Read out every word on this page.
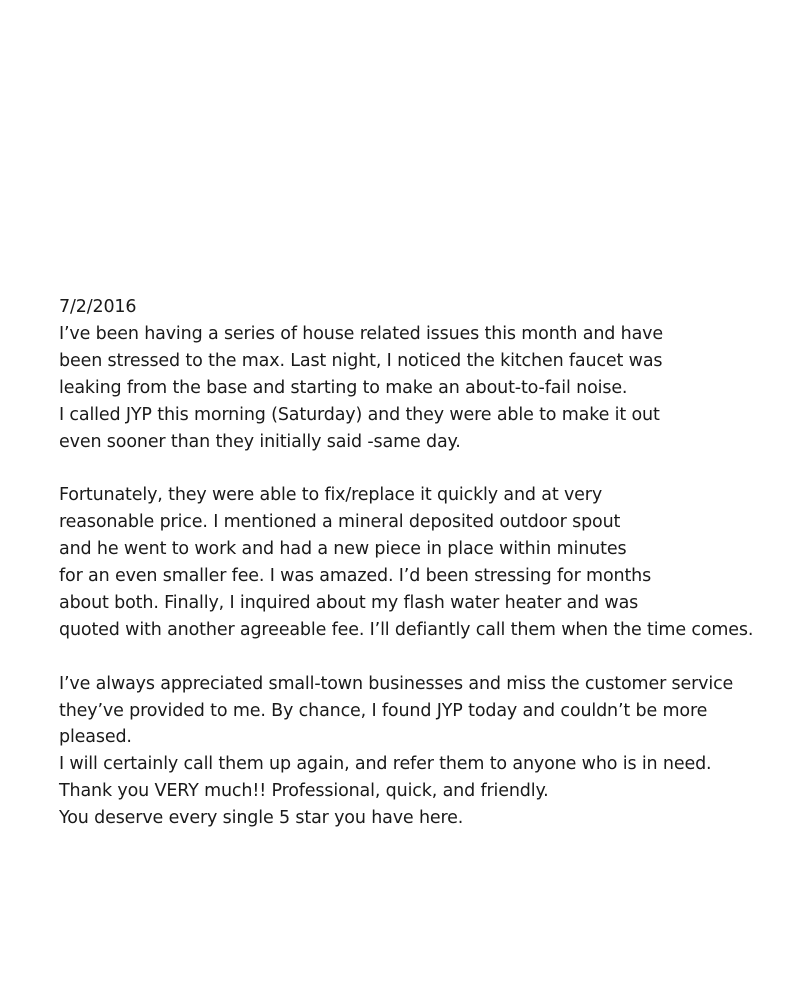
7/2/2016
I’ve been having a series of house related issues this month and have
been stressed to the max. Last night, I noticed the kitchen faucet was
leaking from the base and starting to make an about-to-fail noise.
I called JYP this morning (Saturday) and they were able to make it out
even sooner than they initially said -same day.
Fortunately, they were able to fix/replace it quickly and at very
reasonable price. I mentioned a mineral deposited outdoor spout
and he went to work and had a new piece in place within minutes
for an even smaller fee. I was amazed. I’d been stressing for months
about both. Finally, I inquired about my flash water heater and was
quoted with another agreeable fee. I’ll defiantly call them when the time comes.
I’ve always appreciated small-town businesses and miss the customer service
they’ve provided to me. By chance, I found JYP today and couldn’t be more
pleased.
I will certainly call them up again, and refer them to anyone who is in need.
Thank you VERY much!! Professional, quick, and friendly.
You deserve every single 5 star you have here.
